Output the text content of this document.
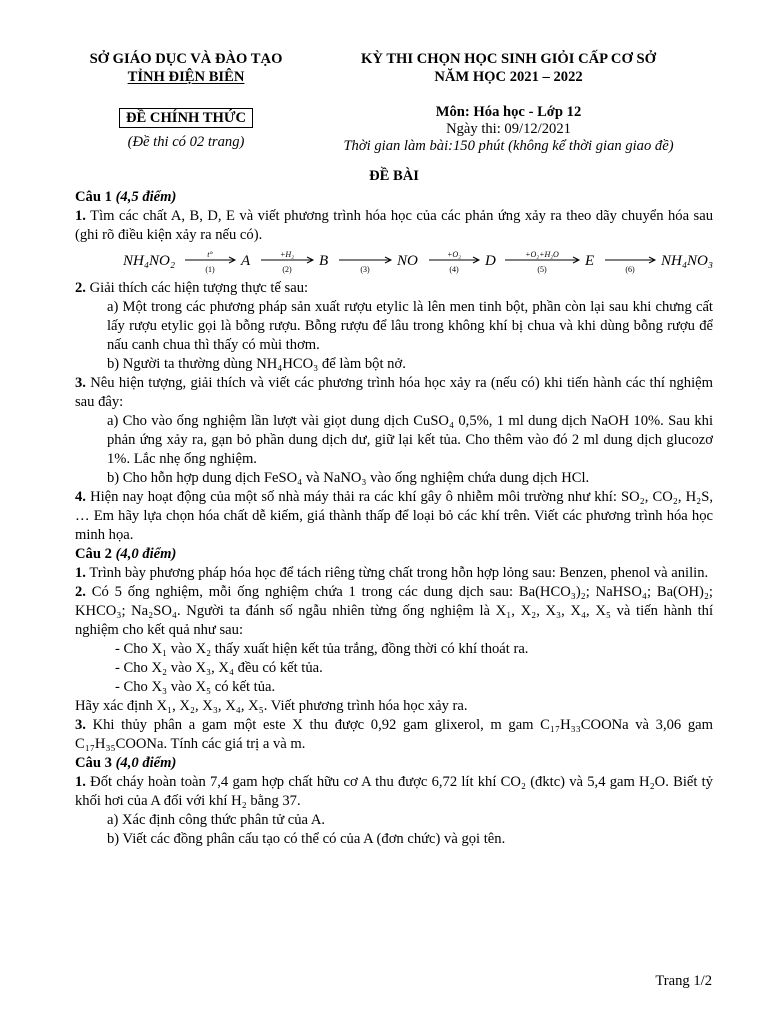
SỞ GIÁO DỤC VÀ ĐÀO TẠO
TỈNH ĐIỆN BIÊN
ĐỀ CHÍNH THỨC
(Đề thi có 02 trang)
KỲ THI CHỌN HỌC SINH GIỎI CẤP CƠ SỞ
NĂM HỌC 2021 – 2022
Môn: Hóa học - Lớp 12
Ngày thi: 09/12/2021
Thời gian làm bài:150 phút (không kể thời gian giao đề)
ĐỀ BÀI
Câu 1 (4,5 điểm)

1. Tìm các chất A, B, D, E và viết phương trình hóa học của các phản ứng xảy ra theo dãy chuyển hóa sau (ghi rõ điều kiện xảy ra nếu có).

NH₄NO₂	t°
(1)
A	+H₂
(2)
B
(3)
NO	+O₂
(4)
D	+O₂+H₂O
(5)
E
(6)
NH₄NO₃

2. Giải thích các hiện tượng thực tế sau:

a) Một trong các phương pháp sản xuất rượu etylic là lên men tinh bột, phần còn lại sau khi chưng cất lấy rượu etylic gọi là bỗng rượu. Bỗng rượu để lâu trong không khí bị chua và khi dùng bỗng rượu để nấu canh chua thì thấy có mùi thơm.

b) Người ta thường dùng NH₄HCO₃ để làm bột nở.

3. Nêu hiện tượng, giải thích và viết các phương trình hóa học xảy ra (nếu có) khi tiến hành các thí nghiệm sau đây:

a) Cho vào ống nghiệm lần lượt vài giọt dung dịch CuSO₄ 0,5%, 1 ml dung dịch NaOH 10%. Sau khi phản ứng xảy ra, gạn bỏ phần dung dịch dư, giữ lại kết tủa. Cho thêm vào đó 2 ml dung dịch glucozơ 1%. Lắc nhẹ ống nghiệm.

b) Cho hỗn hợp dung dịch FeSO₄ và NaNO₃ vào ống nghiệm chứa dung dịch HCl.

4. Hiện nay hoạt động của một số nhà máy thải ra các khí gây ô nhiễm môi trường như khí: SO₂, CO₂, H₂S, … Em hãy lựa chọn hóa chất dễ kiếm, giá thành thấp để loại bỏ các khí trên. Viết các phương trình hóa học minh họa.

Câu 2 (4,0 điểm)

1. Trình bày phương pháp hóa học để tách riêng từng chất trong hỗn hợp lỏng sau: Benzen, phenol và anilin.

2. Có 5 ống nghiệm, mỗi ống nghiệm chứa 1 trong các dung dịch sau: Ba(HCO₃)₂; NaHSO₄; Ba(OH)₂; KHCO₃; Na₂SO₄. Người ta đánh số ngẫu nhiên từng ống nghiệm là X₁, X₂, X₃, X₄, X₅ và tiến hành thí nghiệm cho kết quả như sau:

- Cho X₁ vào X₂ thấy xuất hiện kết tủa trắng, đồng thời có khí thoát ra.

- Cho X₂ vào X₃, X₄ đều có kết tủa.

- Cho X₃ vào X₅ có kết tủa.

Hãy xác định X₁, X₂, X₃, X₄, X₅. Viết phương trình hóa học xảy ra.

3. Khi thủy phân a gam một este X thu được 0,92 gam glixerol, m gam C₁₇H₃₃COONa và 3,06 gam C₁₇H₃₅COONa. Tính các giá trị a và m.

Câu 3 (4,0 điểm)

1. Đốt cháy hoàn toàn 7,4 gam hợp chất hữu cơ A thu được 6,72 lít khí CO₂ (đktc) và 5,4 gam H₂O. Biết tỷ khối hơi của A đối với khí H₂ bằng 37.

a) Xác định công thức phân tử của A.

b) Viết các đồng phân cấu tạo có thể có của A (đơn chức) và gọi tên.

Trang 1/2
